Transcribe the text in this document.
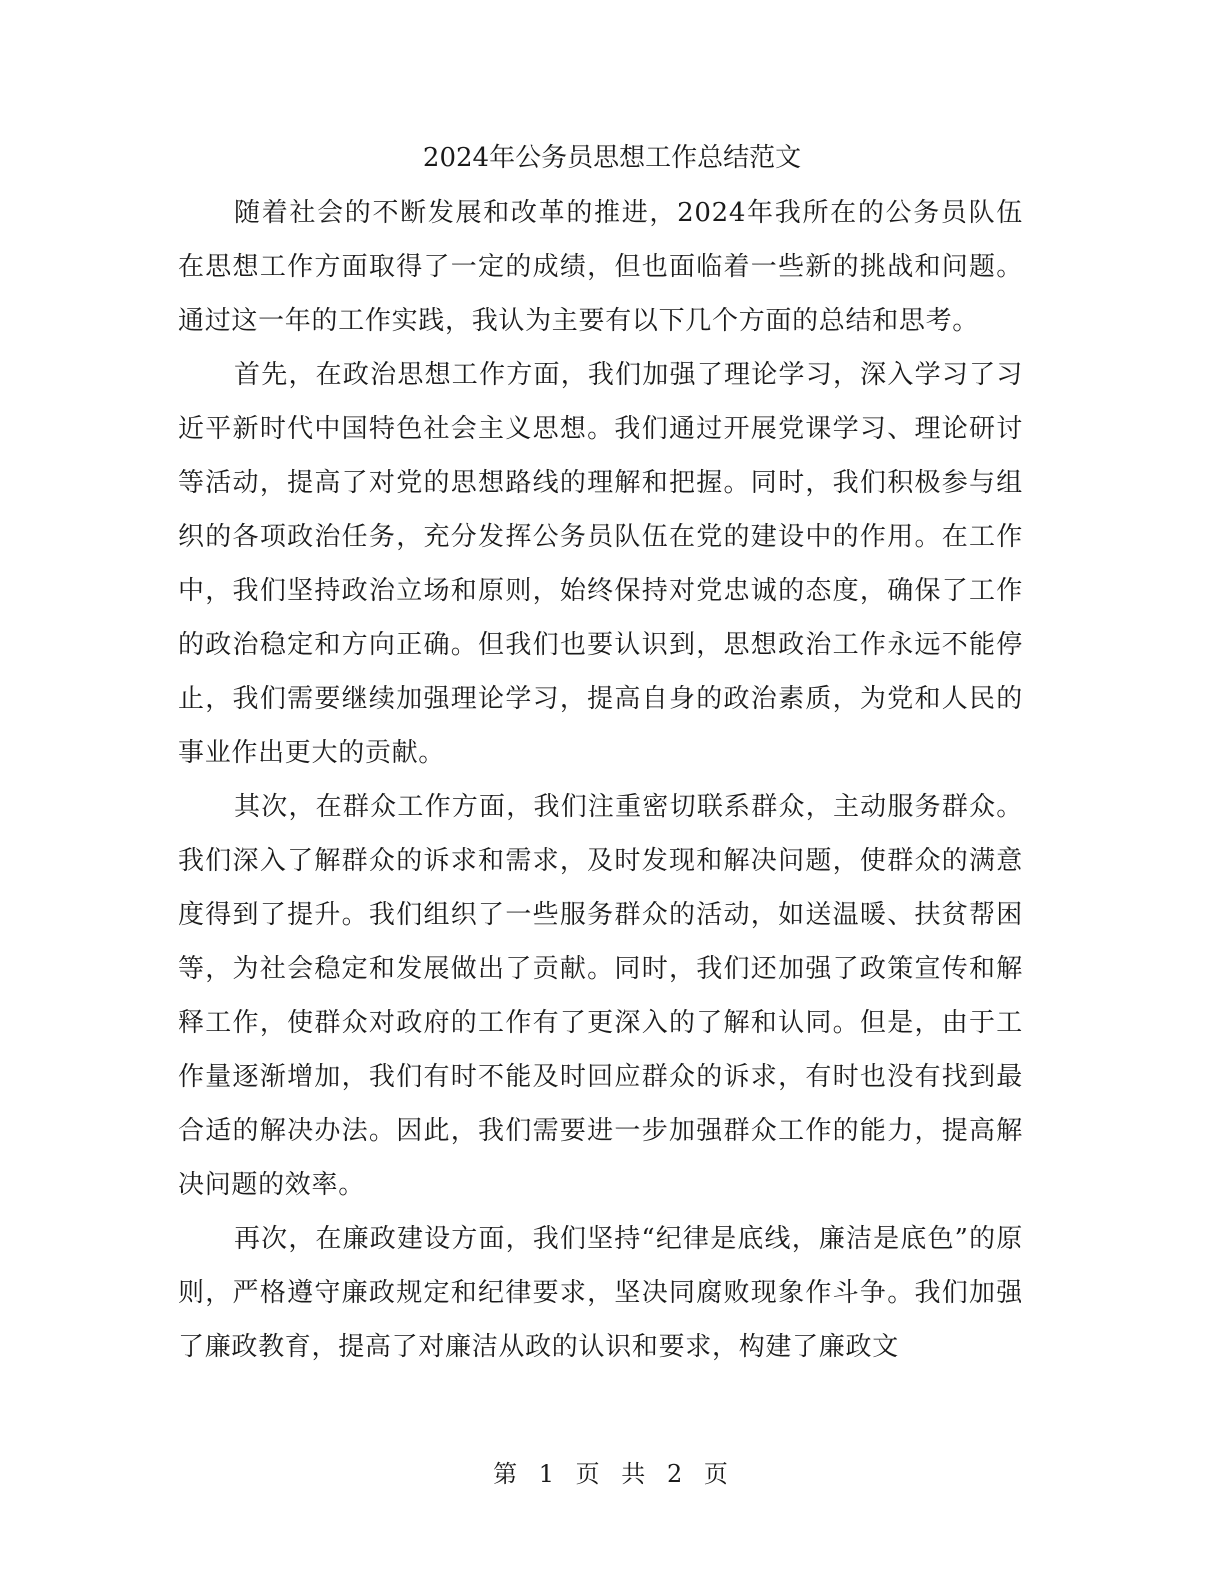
2024年公务员思想工作总结范文

随着社会的不断发展和改革的推进，2024年我所在的公务员队伍在思想工作方面取得了一定的成绩，但也面临着一些新的挑战和问题。通过这一年的工作实践，我认为主要有以下几个方面的总结和思考。

首先，在政治思想工作方面，我们加强了理论学习，深入学习了习近平新时代中国特色社会主义思想。我们通过开展党课学习、理论研讨等活动，提高了对党的思想路线的理解和把握。同时，我们积极参与组织的各项政治任务，充分发挥公务员队伍在党的建设中的作用。在工作中，我们坚持政治立场和原则，始终保持对党忠诚的态度，确保了工作的政治稳定和方向正确。但我们也要认识到，思想政治工作永远不能停止，我们需要继续加强理论学习，提高自身的政治素质，为党和人民的事业作出更大的贡献。

其次，在群众工作方面，我们注重密切联系群众，主动服务群众。我们深入了解群众的诉求和需求，及时发现和解决问题，使群众的满意度得到了提升。我们组织了一些服务群众的活动，如送温暖、扶贫帮困等，为社会稳定和发展做出了贡献。同时，我们还加强了政策宣传和解释工作，使群众对政府的工作有了更深入的了解和认同。但是，由于工作量逐渐增加，我们有时不能及时回应群众的诉求，有时也没有找到最合适的解决办法。因此，我们需要进一步加强群众工作的能力，提高解决问题的效率。

再次，在廉政建设方面，我们坚持“纪律是底线，廉洁是底色”的原则，严格遵守廉政规定和纪律要求，坚决同腐败现象作斗争。我们加强了廉政教育，提高了对廉洁从政的认识和要求，构建了廉政文

第 1 页 共 2 页
